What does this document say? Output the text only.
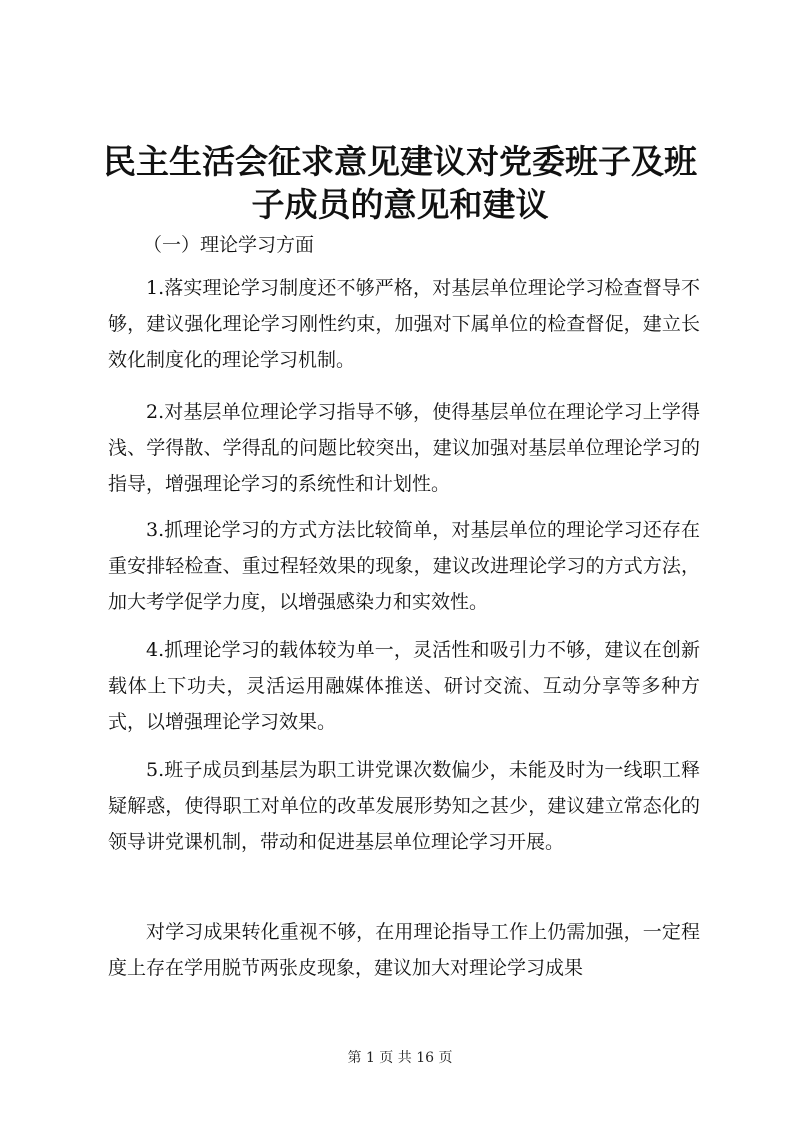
民主生活会征求意见建议对党委班子及班子成员的意见和建议
（一）理论学习方面
1.落实理论学习制度还不够严格，对基层单位理论学习检查督导不够，建议强化理论学习刚性约束，加强对下属单位的检查督促，建立长效化制度化的理论学习机制。
2.对基层单位理论学习指导不够，使得基层单位在理论学习上学得浅、学得散、学得乱的问题比较突出，建议加强对基层单位理论学习的指导，增强理论学习的系统性和计划性。
3.抓理论学习的方式方法比较简单，对基层单位的理论学习还存在重安排轻检查、重过程轻效果的现象，建议改进理论学习的方式方法，加大考学促学力度，以增强感染力和实效性。
4.抓理论学习的载体较为单一，灵活性和吸引力不够，建议在创新载体上下功夫，灵活运用融媒体推送、研讨交流、互动分享等多种方式，以增强理论学习效果。
5.班子成员到基层为职工讲党课次数偏少，未能及时为一线职工释疑解惑，使得职工对单位的改革发展形势知之甚少，建议建立常态化的领导讲党课机制，带动和促进基层单位理论学习开展。
对学习成果转化重视不够，在用理论指导工作上仍需加强，一定程度上存在学用脱节两张皮现象，建议加大对理论学习成果
第 1 页 共 16 页
